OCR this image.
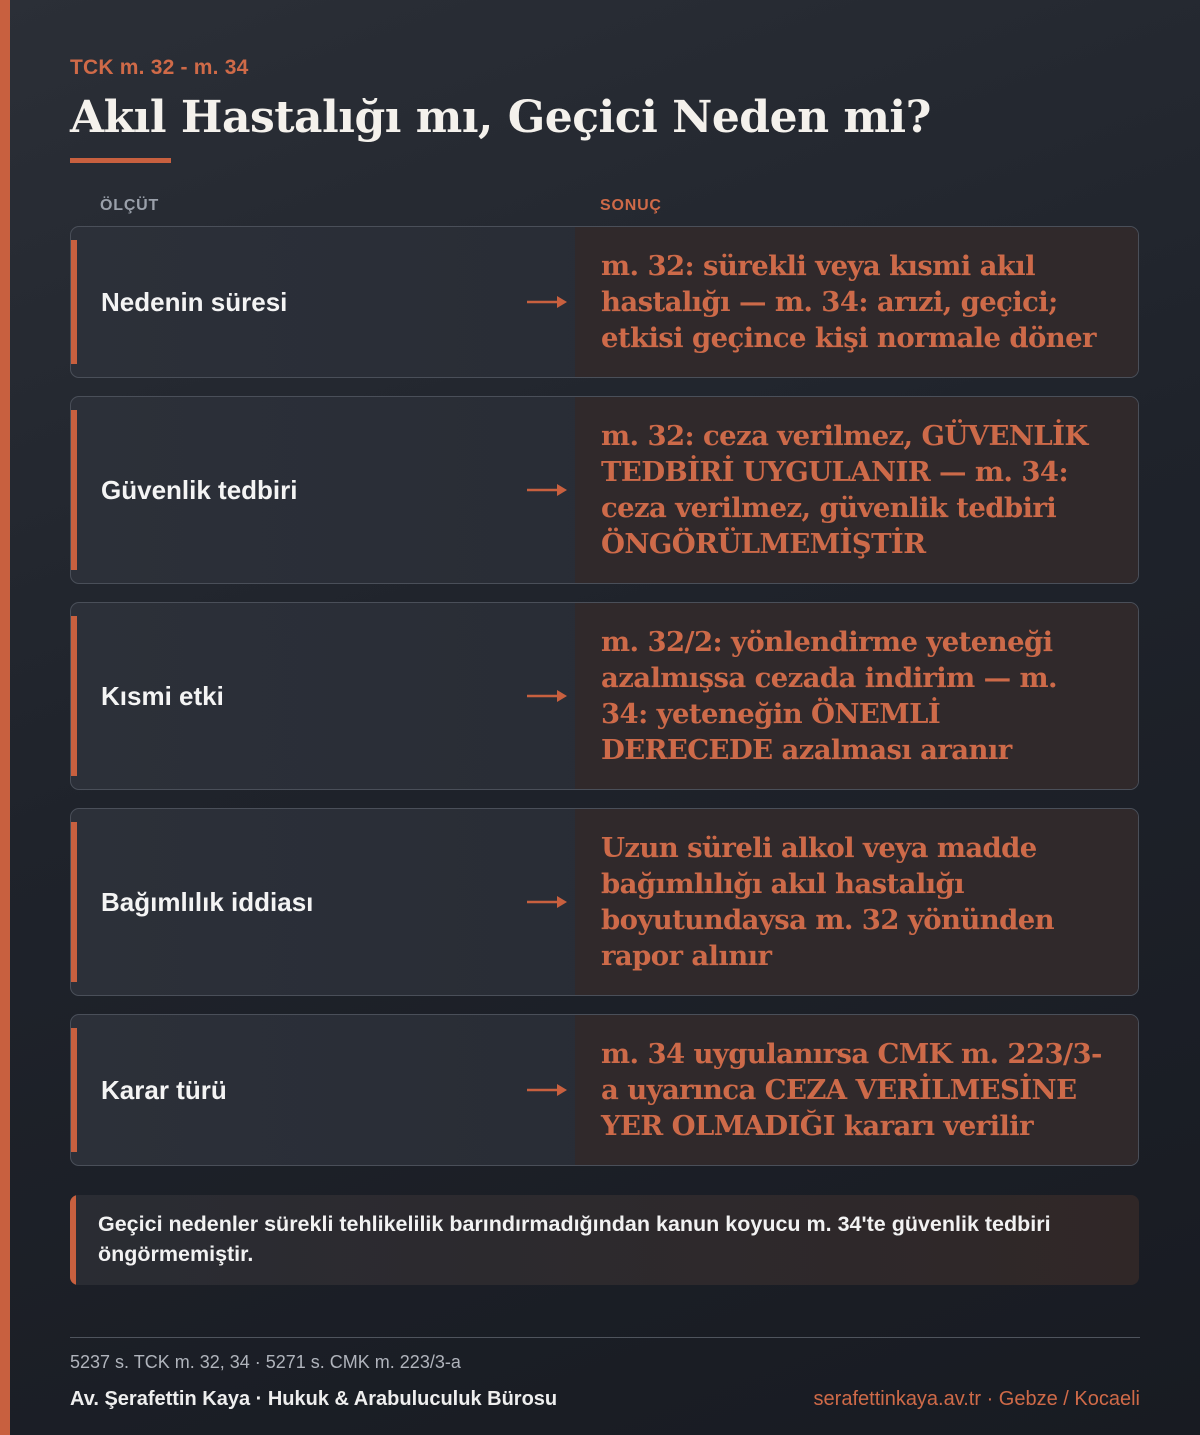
TCK m. 32 - m. 34
Akıl Hastalığı mı, Geçici Neden mi?
ÖLÇÜT	SONUÇ
Nedenin süresi
m. 32: sürekli veya kısmi akıl hastalığı — m. 34: arızi, geçici; etkisi geçince kişi normale döner
Güvenlik tedbiri
m. 32: ceza verilmez, GÜVENLİK TEDBİRİ UYGULANIR — m. 34: ceza verilmez, güvenlik tedbiri ÖNGÖRÜLMEMİŞTİR
Kısmi etki
m. 32/2: yönlendirme yeteneği azalmışsa cezada indirim — m. 34: yeteneğin ÖNEMLİ DERECEDE azalması aranır
Bağımlılık iddiası
Uzun süreli alkol veya madde bağımlılığı akıl hastalığı boyutundaysa m. 32 yönünden rapor alınır
Karar türü
m. 34 uygulanırsa CMK m. 223/3-a uyarınca CEZA VERİLMESİNE YER OLMADIĞI kararı verilir
Geçici nedenler sürekli tehlikelilik barındırmadığından kanun koyucu m. 34'te güvenlik tedbiri öngörmemiştir.
5237 s. TCK m. 32, 34 · 5271 s. CMK m. 223/3-a
Av. Şerafettin Kaya · Hukuk & Arabuluculuk Bürosu	serafettinkaya.av.tr · Gebze / Kocaeli
